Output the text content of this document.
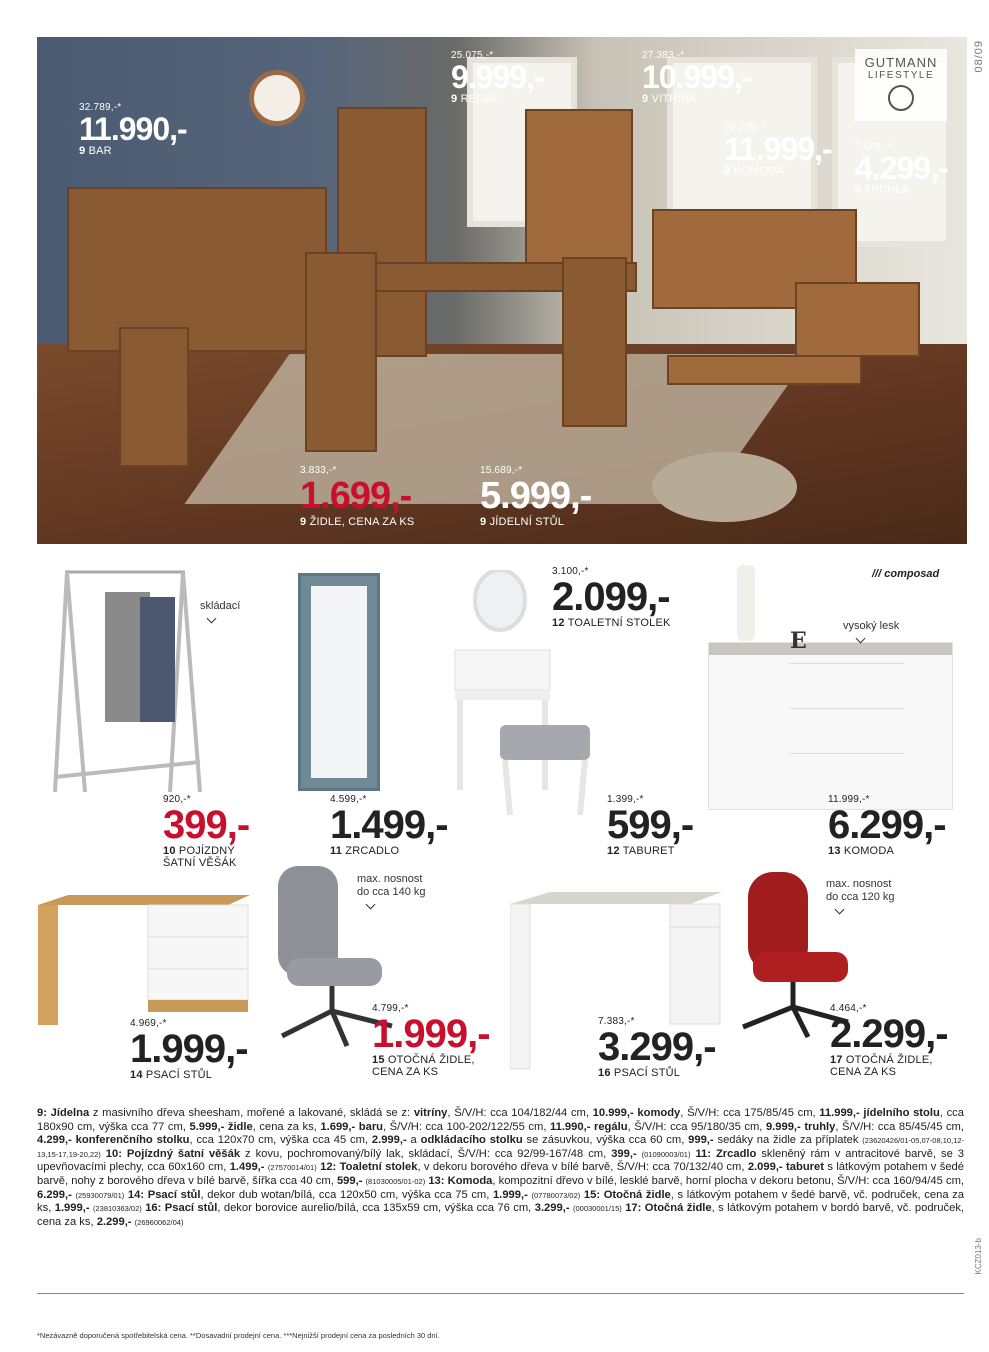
GUTMANN
LIFESTYLE
32.789,-*
11.990,-
9 BAR
25.075,-*
9.999,-
9 REGÁL
27.383,-*
10.999,-
9 VITRÍNA
29.229,-*
11.999,-
9 KOMODA
7.699,-*
4.299,-
9 TRUHLA
3.833,-*
1.699,-
9 ŽIDLE, CENA ZA KS
15.689,-*
5.999,-
9 JÍDELNÍ STŮL
skládací
920,-*
399,-
10 POJÍZDNÝ
ŠATNÍ VĚŠÁK
4.599,-*
1.499,-
11 ZRCADLO
3.100,-*
2.099,-
12 TOALETNÍ STOLEK
1.399,-*
599,-
12 TABURET
E
vysoký lesk
/// composad
11.999,-*
6.299,-
13 KOMODA
4.969,-*
1.999,-
14 PSACÍ STŮL
max. nosnost
do cca 140 kg
4.799,-*
1.999,-
15 OTOČNÁ ŽIDLE,
CENA ZA KS
7.383,-*
3.299,-
16 PSACÍ STŮL
max. nosnost
do cca 120 kg
4.464,-*
2.299,-
17 OTOČNÁ ŽIDLE,
CENA ZA KS
9: Jídelna z masivního dřeva sheesham, mořené a lakované, skládá se z: vitríny, Š/V/H: cca 104/182/44 cm, 10.999,- komody, Š/V/H: cca 175/85/45 cm, 11.999,- jídelního stolu, cca 180x90 cm, výška cca 77 cm, 5.999,- židle, cena za ks, 1.699,- baru, Š/V/H: cca 100-202/122/55 cm, 11.990,- regálu, Š/V/H: cca 95/180/35 cm, 9.999,- truhly, Š/V/H: cca 85/45/45 cm, 4.299,- konferenčního stolku, cca 120x70 cm, výška cca 45 cm, 2.999,- a odkládacího stolku se zásuvkou, výška cca 60 cm, 999,- sedáky na židle za příplatek (23620426/01-05,07-08,10,12-13,15-17,19-20,22) 10: Pojízdný šatní věšák z kovu, pochromovaný/bílý lak, skládací, Š/V/H: cca 92/99-167/48 cm, 399,- (01090003/01) 11: Zrcadlo skleněný rám v antracitové barvě, se 3 upevňovacími plechy, cca 60x160 cm, 1.499,- (27570014/01) 12: Toaletní stolek, v dekoru borovéhо dřeva v bílé barvě, Š/V/H: cca 70/132/40 cm, 2.099,- taburet s látkovým potahem v šedé barvě, nohy z borovéhо dřeva v bílé barvě, šířka cca 40 cm, 599,- (81030005/01-02) 13: Komoda, kompozitní dřevo v bílé, lesklé barvě, horní plocha v dekoru betonu, Š/V/H: cca 160/94/45 cm, 6.299,- (25930079/01) 14: Psací stůl, dekor dub wotan/bílá, cca 120x50 cm, výška cca 75 cm, 1.999,- (07780073/02) 15: Otočná židle, s látkovým potahem v šedé barvě, vč. područek, cena za ks, 1.999,- (23810363/02) 16: Psací stůl, dekor borovice aurelio/bílá, cca 135x59 cm, výška cca 76 cm, 3.299,- (00030001/15) 17: Otočná židle, s látkovým potahem v bordó barvě, vč. područek, cena za ks, 2.299,- (26960062/04)
*Nezávazně doporučená spotřebitelská cena. **Dosavadní prodejní cena. ***Nejnižší prodejní cena za posledních 30 dní.
08/09
KCZ013-b
